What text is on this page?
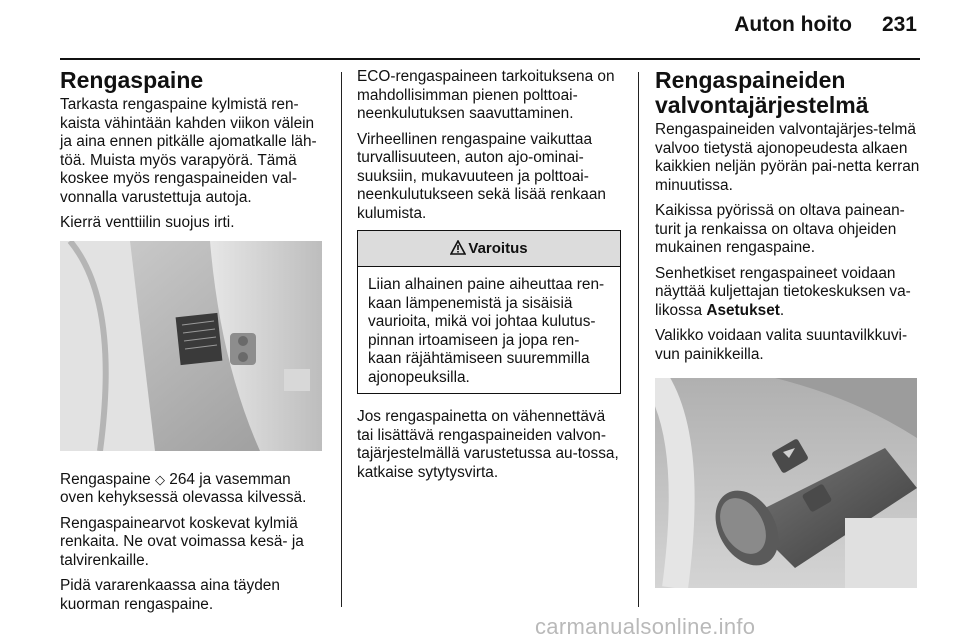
Auton hoito 231
Rengaspaine

Tarkasta rengaspaine kylmistä ren-kaista vähintään kahden viikon välein ja aina ennen pitkälle ajomatkalle läh-töä. Muista myös varapyörä. Tämä koskee myös rengaspaineiden val-vonnalla varustettuja autoja.

Kierrä venttiilin suojus irti.

Rengaspaine ◇ 264 ja vasemman oven kehyksessä olevassa kilvessä.

Rengaspainearvot koskevat kylmiä renkaita. Ne ovat voimassa kesä- ja talvirenkaille.

Pidä vararenkaassa aina täyden kuorman rengaspaine.

ECO-rengaspaineen tarkoituksena on mahdollisimman pienen polttoai-neenkulutuksen saavuttaminen.

Virheellinen rengaspaine vaikuttaa turvallisuuteen, auton ajo-ominai-suuksiin, mukavuuteen ja polttoai-neenkulutukseen sekä lisää renkaan kulumista.

Varoitus
Liian alhainen paine aiheuttaa ren-kaan lämpenemistä ja sisäisiä vaurioita, mikä voi johtaa kulutus-pinnan irtoamiseen ja jopa ren-kaan räjähtämiseen suuremmilla ajonopeuksilla.

Jos rengaspainetta on vähennettävä tai lisättävä rengaspaineiden valvon-tajärjestelmällä varustetussa au-tossa, katkaise sytytysvirta.

Rengaspaineiden valvontajärjestelmä

Rengaspaineiden valvontajärjes-telmä valvoo tietystä ajonopeudesta alkaen kaikkien neljän pyörän pai-netta kerran minuutissa.

Kaikissa pyörissä on oltava painean-turit ja renkaissa on oltava ohjeiden mukainen rengaspaine.

Senhetkiset rengaspaineet voidaan näyttää kuljettajan tietokeskuksen va-likossa Asetukset.

Valikko voidaan valita suuntavilkkuvi-vun painikkeilla.

carmanualsonline.info
